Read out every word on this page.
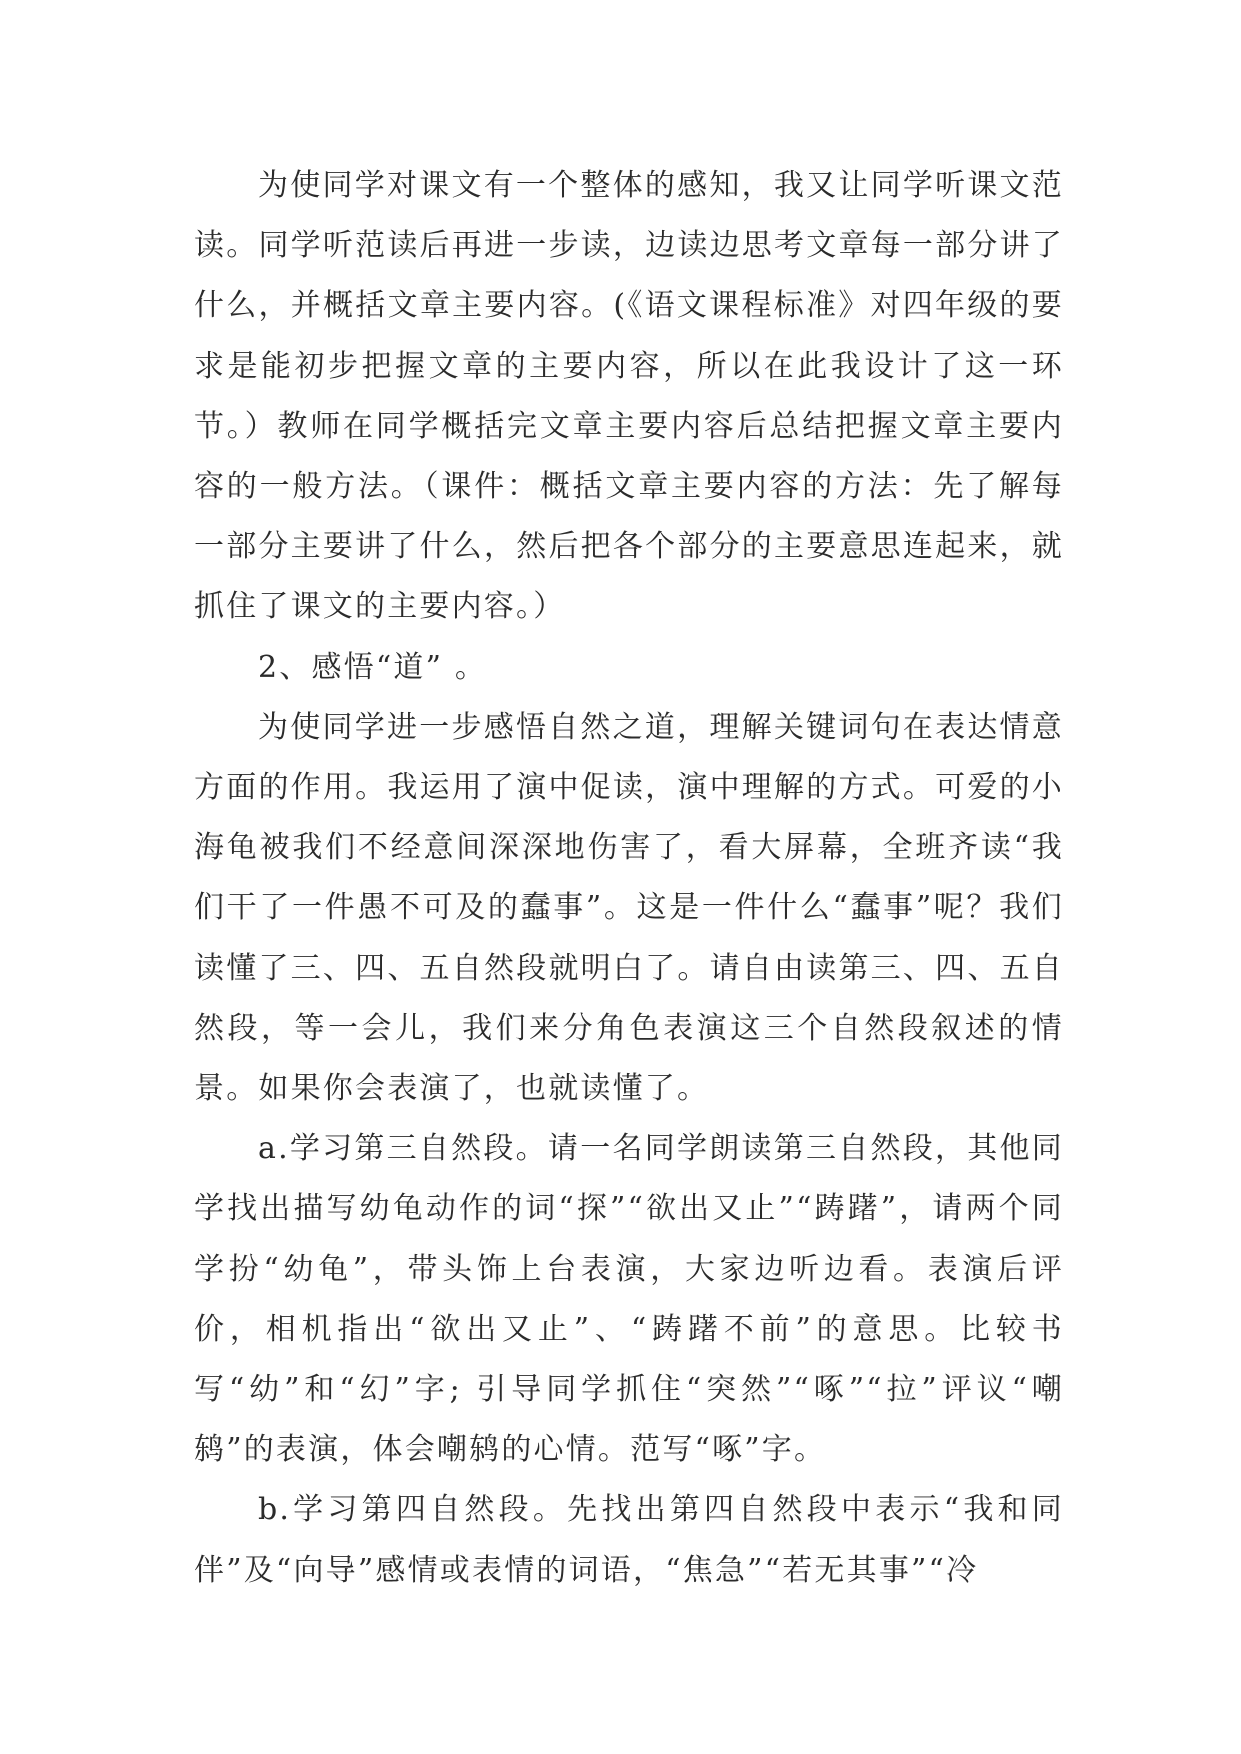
为使同学对课文有一个整体的感知，我又让同学听课文范读。同学听范读后再进一步读，边读边思考文章每一部分讲了什么，并概括文章主要内容。(《语文课程标准》对四年级的要求是能初步把握文章的主要内容，所以在此我设计了这一环节。）教师在同学概括完文章主要内容后总结把握文章主要内容的一般方法。（课件：概括文章主要内容的方法：先了解每一部分主要讲了什么，然后把各个部分的主要意思连起来，就抓住了课文的主要内容。）

2、感悟“道” 。

为使同学进一步感悟自然之道，理解关键词句在表达情意方面的作用。我运用了演中促读，演中理解的方式。可爱的小海龟被我们不经意间深深地伤害了，看大屏幕，全班齐读“我们干了一件愚不可及的蠢事”。这是一件什么“蠢事”呢？我们读懂了三、四、五自然段就明白了。请自由读第三、四、五自然段，等一会儿，我们来分角色表演这三个自然段叙述的情景。如果你会表演了，也就读懂了。

a.学习第三自然段。请一名同学朗读第三自然段，其他同学找出描写幼龟动作的词“探”“欲出又止”“踌躇”，请两个同学扮“幼龟”，带头饰上台表演，大家边听边看。表演后评价，相机指出“欲出又止”、“踌躇不前”的意思。比较书写“幼”和“幻”字; 引导同学抓住“突然”“啄”“拉”评议“嘲鸫”的表演，体会嘲鸫的心情。范写“啄”字。

b.学习第四自然段。先找出第四自然段中表示“我和同伴”及“向导”感情或表情的词语，“焦急”“若无其事”“冷
